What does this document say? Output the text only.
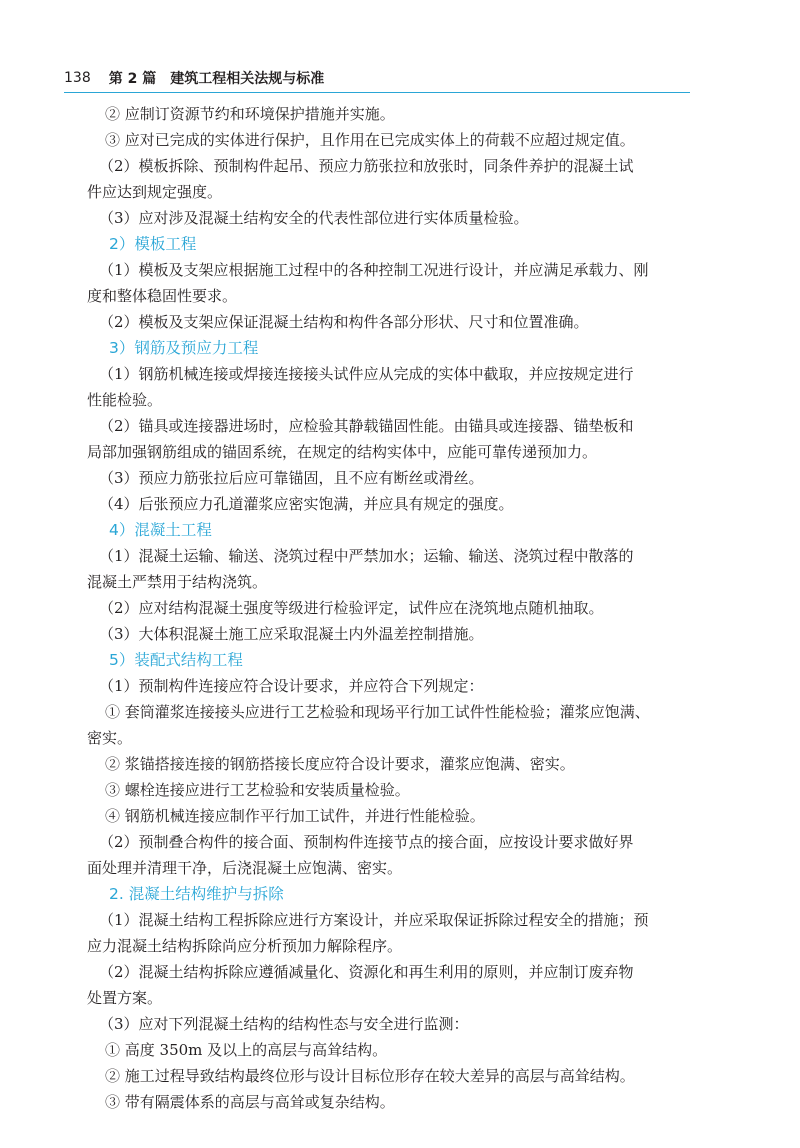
138 第 2 篇 建筑工程相关法规与标准
② 应制订资源节约和环境保护措施并实施。
③ 应对已完成的实体进行保护，且作用在已完成实体上的荷载不应超过规定值。
（2）模板拆除、预制构件起吊、预应力筋张拉和放张时，同条件养护的混凝土试
件应达到规定强度。
（3）应对涉及混凝土结构安全的代表性部位进行实体质量检验。
2）模板工程
（1）模板及支架应根据施工过程中的各种控制工况进行设计，并应满足承载力、刚
度和整体稳固性要求。
（2）模板及支架应保证混凝土结构和构件各部分形状、尺寸和位置准确。
3）钢筋及预应力工程
（1）钢筋机械连接或焊接连接接头试件应从完成的实体中截取，并应按规定进行
性能检验。
（2）锚具或连接器进场时，应检验其静载锚固性能。由锚具或连接器、锚垫板和
局部加强钢筋组成的锚固系统，在规定的结构实体中，应能可靠传递预加力。
（3）预应力筋张拉后应可靠锚固，且不应有断丝或滑丝。
（4）后张预应力孔道灌浆应密实饱满，并应具有规定的强度。
4）混凝土工程
（1）混凝土运输、输送、浇筑过程中严禁加水；运输、输送、浇筑过程中散落的
混凝土严禁用于结构浇筑。
（2）应对结构混凝土强度等级进行检验评定，试件应在浇筑地点随机抽取。
（3）大体积混凝土施工应采取混凝土内外温差控制措施。
5）装配式结构工程
（1）预制构件连接应符合设计要求，并应符合下列规定：
① 套筒灌浆连接接头应进行工艺检验和现场平行加工试件性能检验；灌浆应饱满、
密实。
② 浆锚搭接连接的钢筋搭接长度应符合设计要求，灌浆应饱满、密实。
③ 螺栓连接应进行工艺检验和安装质量检验。
④ 钢筋机械连接应制作平行加工试件，并进行性能检验。
（2）预制叠合构件的接合面、预制构件连接节点的接合面，应按设计要求做好界
面处理并清理干净，后浇混凝土应饱满、密实。
2. 混凝土结构维护与拆除
（1）混凝土结构工程拆除应进行方案设计，并应采取保证拆除过程安全的措施；预
应力混凝土结构拆除尚应分析预加力解除程序。
（2）混凝土结构拆除应遵循减量化、资源化和再生利用的原则，并应制订废弃物
处置方案。
（3）应对下列混凝土结构的结构性态与安全进行监测：
① 高度 350m 及以上的高层与高耸结构。
② 施工过程导致结构最终位形与设计目标位形存在较大差异的高层与高耸结构。
③ 带有隔震体系的高层与高耸或复杂结构。
